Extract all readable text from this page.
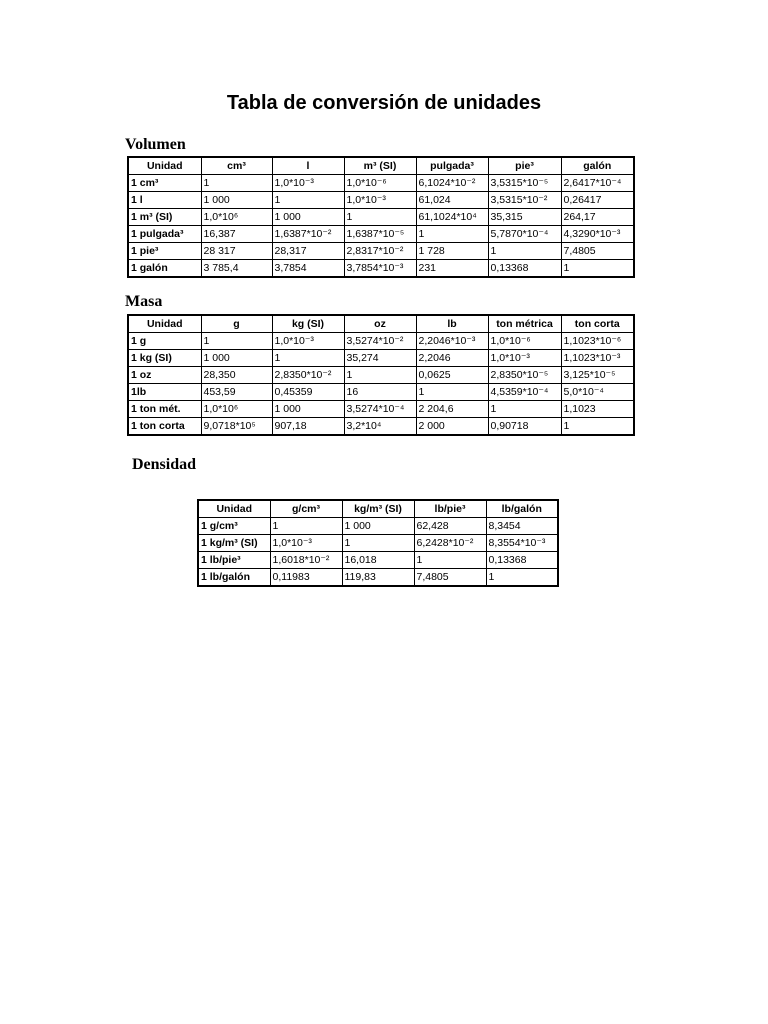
Tabla de conversión de unidades
Volumen
Unidad	cm³	l	m³ (SI)	pulgada³	pie³	galón
1 cm³	1	1,0*10⁻³	1,0*10⁻⁶	6,1024*10⁻²	3,5315*10⁻⁵	2,6417*10⁻⁴
1 l	1 000	1	1,0*10⁻³	61,024	3,5315*10⁻²	0,26417
1 m³ (SI)	1,0*10⁶	1 000	1	61,1024*10⁴	35,315	264,17
1 pulgada³	16,387	1,6387*10⁻²	1,6387*10⁻⁵	1	5,7870*10⁻⁴	4,3290*10⁻³
1 pie³	28 317	28,317	2,8317*10⁻²	1 728	1	7,4805
1 galón	3 785,4	3,7854	3,7854*10⁻³	231	0,13368	1
Masa
Unidad	g	kg (SI)	oz	lb	ton métrica	ton corta
1 g	1	1,0*10⁻³	3,5274*10⁻²	2,2046*10⁻³	1,0*10⁻⁶	1,1023*10⁻⁶
1 kg (SI)	1 000	1	35,274	2,2046	1,0*10⁻³	1,1023*10⁻³
1 oz	28,350	2,8350*10⁻²	1	0,0625	2,8350*10⁻⁵	3,125*10⁻⁵
1lb	453,59	0,45359	16	1	4,5359*10⁻⁴	5,0*10⁻⁴
1 ton mét.	1,0*10⁶	1 000	3,5274*10⁻⁴	2 204,6	1	1,1023
1 ton corta	9,0718*10⁵	907,18	3,2*10⁴	2 000	0,90718	1
Densidad
Unidad	g/cm³	kg/m³ (SI)	lb/pie³	lb/galón
1 g/cm³	1	1 000	62,428	8,3454
1 kg/m³ (SI)	1,0*10⁻³	1	6,2428*10⁻²	8,3554*10⁻³
1 lb/pie³	1,6018*10⁻²	16,018	1	0,13368
1 lb/galón	0,11983	119,83	7,4805	1
